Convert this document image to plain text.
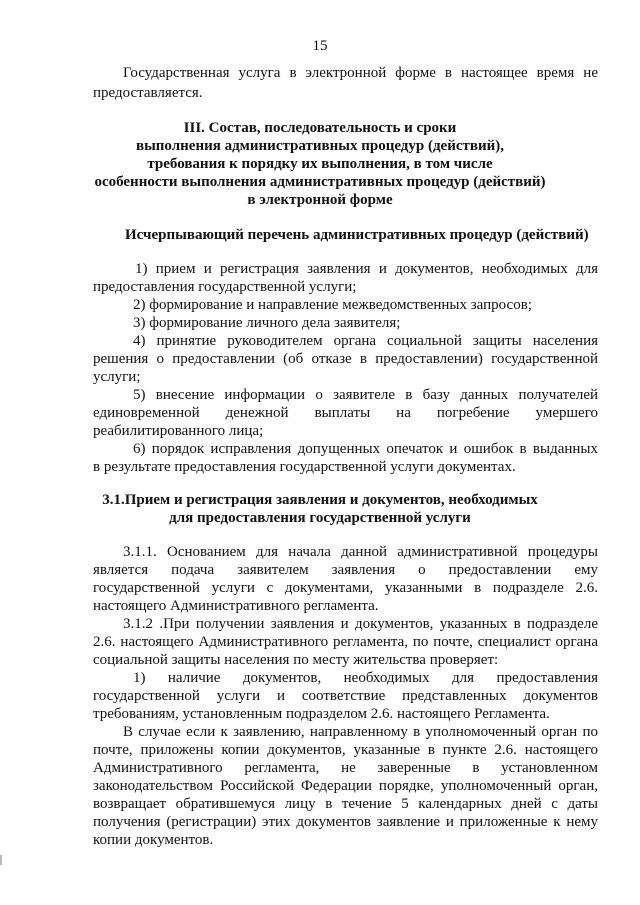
15
Государственная услуга в электронной форме в настоящее время не
предоставляется.
III. Состав, последовательность и сроки
выполнения административных процедур (действий),
требования к порядку их выполнения, в том числе
особенности выполнения административных процедур (действий)
в электронной форме
Исчерпывающий перечень административных процедур (действий)
1) прием и регистрация заявления и документов, необходимых для
предоставления государственной услуги;
2) формирование и направление межведомственных запросов;
3) формирование личного дела заявителя;
4) принятие руководителем органа социальной защиты населения
решения о предоставлении (об отказе в предоставлении) государственной
услуги;
5) внесение информации о заявителе в базу данных получателей
единовременной денежной выплаты на погребение умершего
реабилитированного лица;
6) порядок исправления допущенных опечаток и ошибок в выданных
в результате предоставления государственной услуги документах.
3.1.Прием и регистрация заявления и документов, необходимых
для предоставления государственной услуги
3.1.1. Основанием для начала данной административной процедуры
является подача заявителем заявления о предоставлении ему
государственной услуги с документами, указанными в подразделе 2.6.
настоящего Административного регламента.
3.1.2 .При получении заявления и документов, указанных в подразделе
2.6. настоящего Административного регламента, по почте, специалист органа
социальной защиты населения по месту жительства проверяет:
1) наличие документов, необходимых для предоставления
государственной услуги и соответствие представленных документов
требованиям, установленным подразделом 2.6. настоящего Регламента.
В случае если к заявлению, направленному в уполномоченный орган по
почте, приложены копии документов, указанные в пункте 2.6. настоящего
Административного регламента, не заверенные в установленном
законодательством Российской Федерации порядке, уполномоченный орган,
возвращает обратившемуся лицу в течение 5 календарных дней с даты
получения (регистрации) этих документов заявление и приложенные к нему
копии документов.
